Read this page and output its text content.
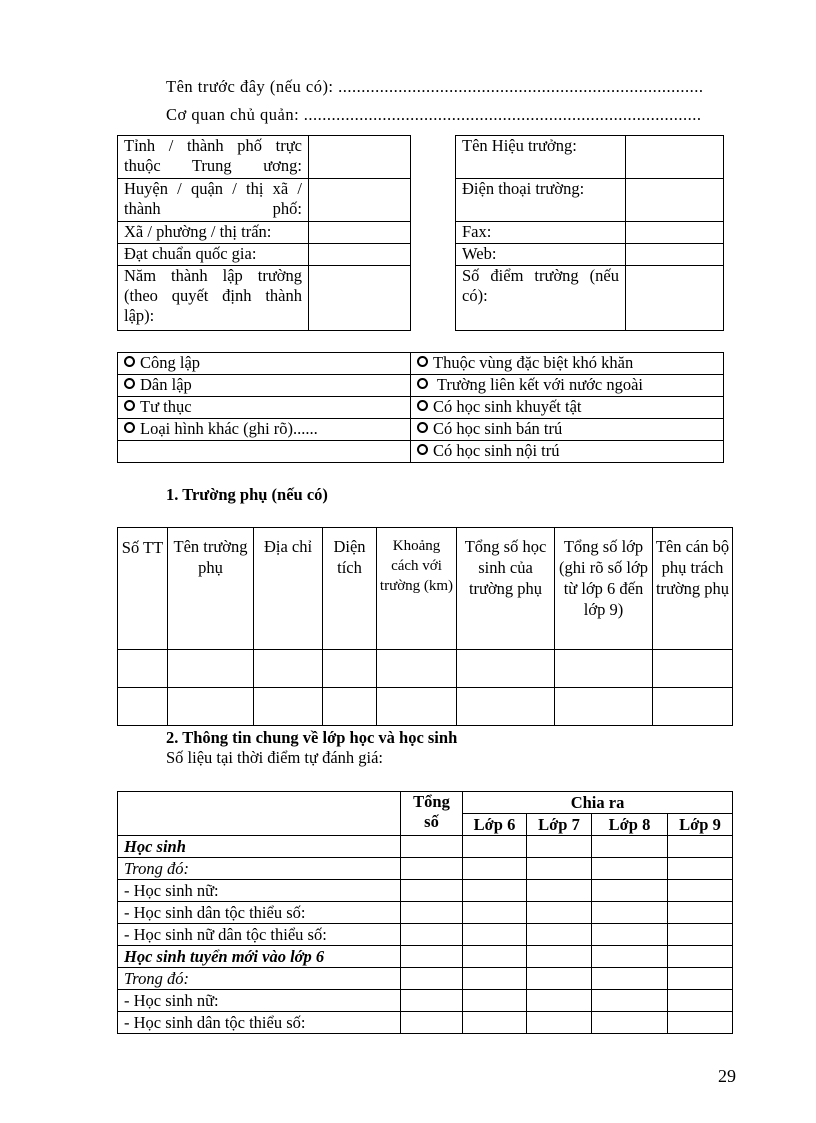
Tên trước đây (nếu có): ...............................................................................
Cơ quan chủ quản: ......................................................................................
Tỉnh / thành phố trực thuộc Trung ương:	
Huyện / quận / thị xã / thành phố:	
Xã / phường / thị trấn:	
Đạt chuẩn quốc gia:	
Năm thành lập trường (theo quyết định thành lập):	
Tên Hiệu trưởng:	
Điện thoại trường:	
Fax:	
Web:	
Số điểm trường (nếu có):	
Công lập	Thuộc vùng đặc biệt khó khăn
Dân lập	Trường liên kết với nước ngoài
Tư thục	Có học sinh khuyết tật
Loại hình khác (ghi rõ)......	Có học sinh bán trú
	Có học sinh nội trú
1. Trường phụ (nếu có)
Số TT	Tên trường phụ	Địa chỉ	Diện tích	Khoảng cách với trường (km)	Tổng số học sinh của trường phụ	Tổng số lớp (ghi rõ số lớp từ lớp 6 đến lớp 9)	Tên cán bộ phụ trách trường phụ

2. Thông tin chung về lớp học và học sinh
Số liệu tại thời điểm tự đánh giá:
	Tổng số	Chia ra			
		Lớp 6	Lớp 7	Lớp 8	Lớp 9
Học sinh					
Trong đó:					
- Học sinh nữ:					
- Học sinh dân tộc thiểu số:					
- Học sinh nữ dân tộc thiểu số:					
Học sinh tuyển mới vào lớp 6					
Trong đó:					
- Học sinh nữ:					
- Học sinh dân tộc thiểu số:					
29
